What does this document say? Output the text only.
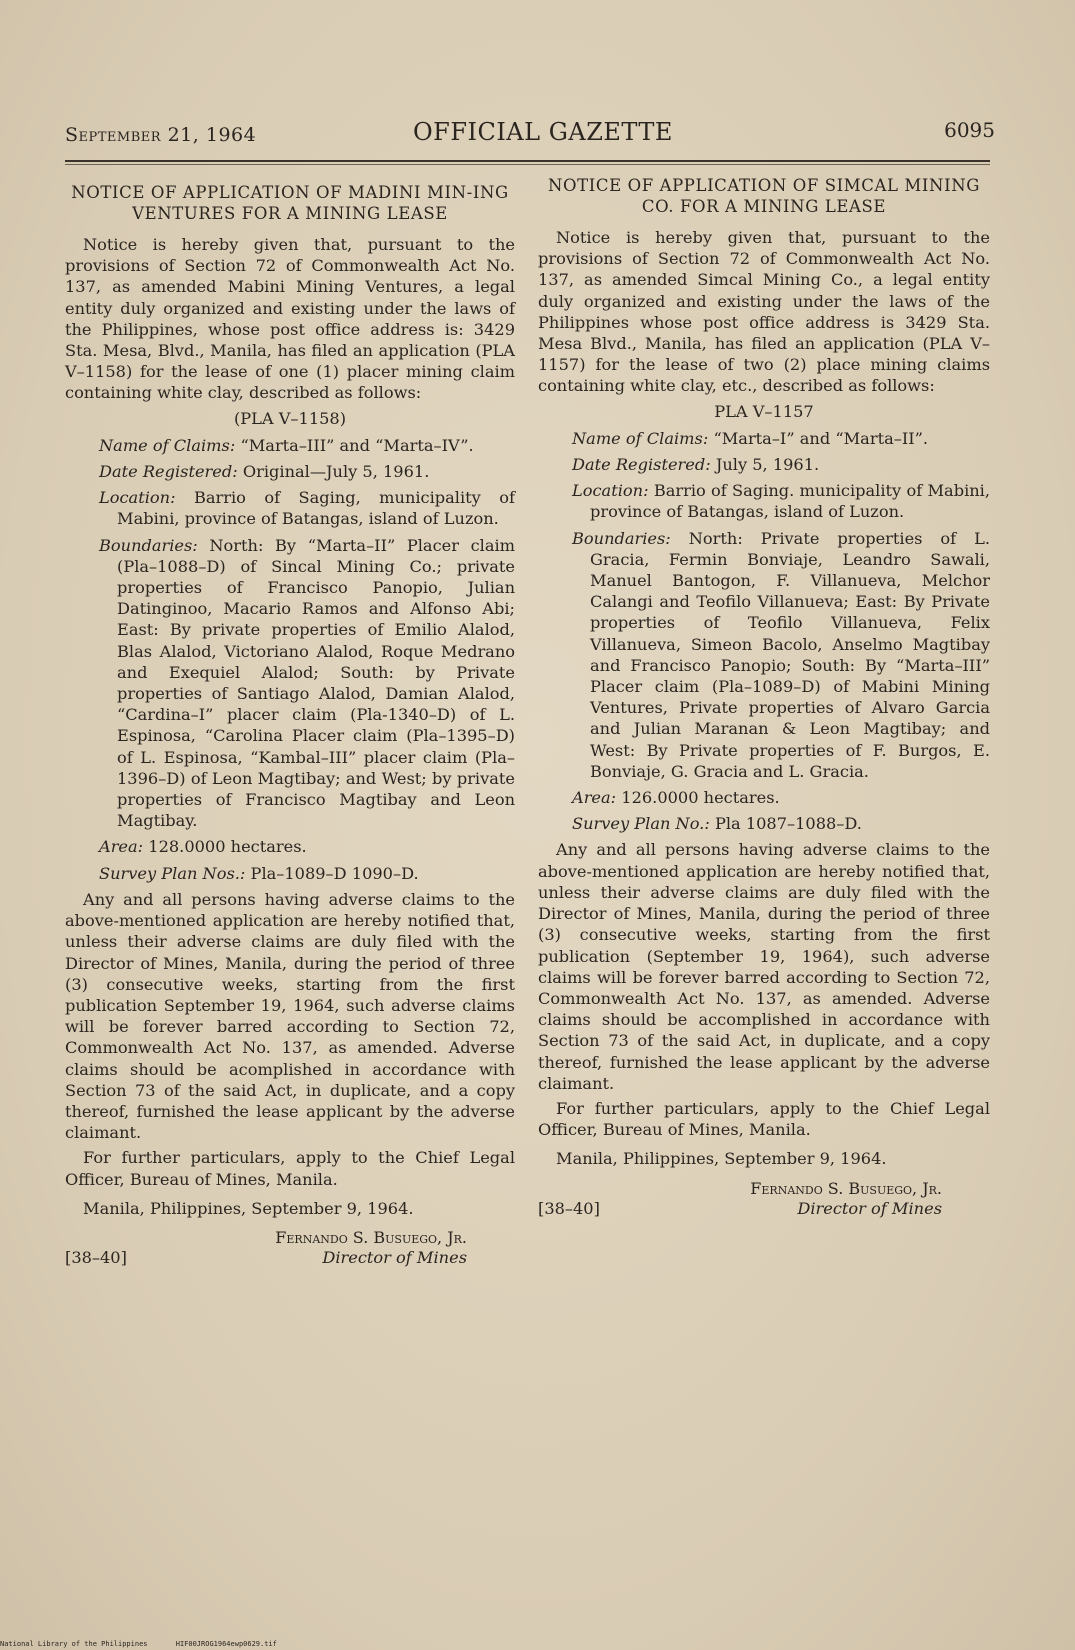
September 21, 1964	OFFICIAL GAZETTE	6095
NOTICE OF APPLICATION OF MADINI MIN-ING VENTURES FOR A MINING LEASE

Notice is hereby given that, pursuant to the provisions of Section 72 of Commonwealth Act No. 137, as amended Mabini Mining Ventures, a legal entity duly organized and existing under the laws of the Philippines, whose post office address is: 3429 Sta. Mesa, Blvd., Manila, has filed an application (PLA V–1158) for the lease of one (1) placer mining claim containing white clay, described as follows:

(PLA V–1158)

Name of Claims: “Marta–III” and “Marta–IV”.

Date Registered: Original—July 5, 1961.

Location: Barrio of Saging, municipality of Mabini, province of Batangas, island of Luzon.

Boundaries: North: By “Marta–II” Placer claim (Pla–1088–D) of Sincal Mining Co.; private properties of Francisco Panopio, Julian Datinginoo, Macario Ramos and Alfonso Abi; East: By private properties of Emilio Alalod, Blas Alalod, Victoriano Alalod, Roque Medrano and Exequiel Alalod; South: by Private properties of Santiago Alalod, Damian Alalod, “Cardina–I” placer claim (Pla-1340–D) of L. Espinosa, “Carolina Placer claim (Pla–1395–D) of L. Espinosa, “Kambal–III” placer claim (Pla–1396–D) of Leon Magtibay; and West; by private properties of Francisco Magtibay and Leon Magtibay.

Area: 128.0000 hectares.

Survey Plan Nos.: Pla–1089–D 1090–D.

Any and all persons having adverse claims to the above-mentioned application are hereby notified that, unless their adverse claims are duly filed with the Director of Mines, Manila, during the period of three (3) consecutive weeks, starting from the first publication September 19, 1964, such adverse claims will be forever barred according to Section 72, Commonwealth Act No. 137, as amended. Adverse claims should be acomplished in accordance with Section 73 of the said Act, in duplicate, and a copy thereof, furnished the lease applicant by the adverse claimant.

For further particulars, apply to the Chief Legal Officer, Bureau of Mines, Manila.

Manila, Philippines, September 9, 1964.

Fernando S. Busuego, Jr.
[38–40]	Director of Mines
NOTICE OF APPLICATION OF SIMCAL MINING CO. FOR A MINING LEASE

Notice is hereby given that, pursuant to the provisions of Section 72 of Commonwealth Act No. 137, as amended Simcal Mining Co., a legal entity duly organized and existing under the laws of the Philippines whose post office address is 3429 Sta. Mesa Blvd., Manila, has filed an application (PLA V–1157) for the lease of two (2) place mining claims containing white clay, etc., described as follows:

PLA V–1157

Name of Claims: “Marta–I” and “Marta–II”.

Date Registered: July 5, 1961.

Location: Barrio of Saging. municipality of Mabini, province of Batangas, island of Luzon.

Boundaries: North: Private properties of L. Gracia, Fermin Bonviaje, Leandro Sawali, Manuel Bantogon, F. Villanueva, Melchor Calangi and Teofilo Villanueva; East: By Private properties of Teofilo Villanueva, Felix Villanueva, Simeon Bacolo, Anselmo Magtibay and Francisco Panopio; South: By “Marta–III” Placer claim (Pla–1089–D) of Mabini Mining Ventures, Private properties of Alvaro Garcia and Julian Maranan & Leon Magtibay; and West: By Private properties of F. Burgos, E. Bonviaje, G. Gracia and L. Gracia.

Area: 126.0000 hectares.

Survey Plan No.: Pla 1087–1088–D.

Any and all persons having adverse claims to the above-mentioned application are hereby notified that, unless their adverse claims are duly filed with the Director of Mines, Manila, during the period of three (3) consecutive weeks, starting from the first publication (September 19, 1964), such adverse claims will be forever barred according to Section 72, Commonwealth Act No. 137, as amended. Adverse claims should be accomplished in accordance with Section 73 of the said Act, in duplicate, and a copy thereof, furnished the lease applicant by the adverse claimant.

For further particulars, apply to the Chief Legal Officer, Bureau of Mines, Manila.

Manila, Philippines, September 9, 1964.

Fernando S. Busuego, Jr.
[38–40]	Director of Mines
National Library of the Philippines	HIF00JROG1964ewp0629.tif
